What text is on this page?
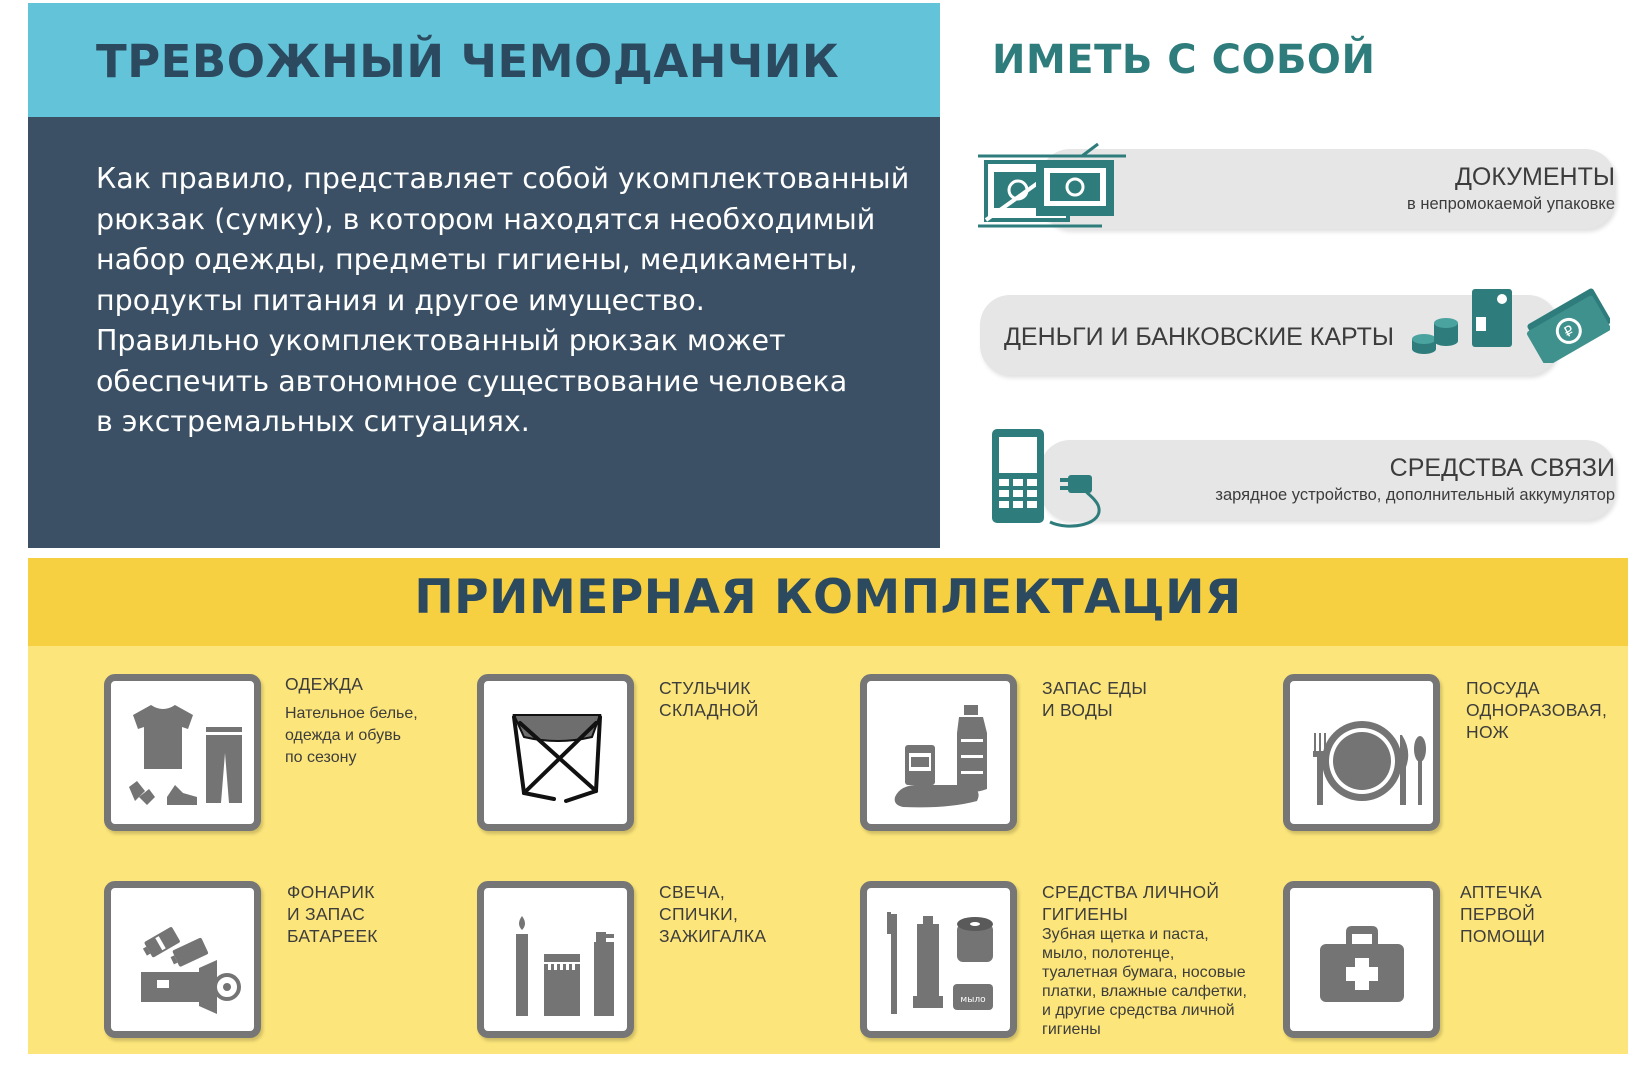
ТРЕВОЖНЫЙ ЧЕМОДАНЧИК

Как правило, представляет собой укомплектованный
рюкзак (сумку), в котором находятся необходимый
набор одежды, предметы гигиены, медикаменты,
продукты питания и другое имущество.
Правильно укомплектованный рюкзак может
обеспечить автономное существование человека
в экстремальных ситуациях.

ИМЕТЬ С СОБОЙ
ДОКУМЕНТЫ
в непромокаемой упаковке
ДЕНЬГИ И БАНКОВСКИЕ КАРТЫ	₽
СРЕДСТВА СВЯЗИ
зарядное устройство, дополнительный аккумулятор
ПРИМЕРНАЯ КОМПЛЕКТАЦИЯ
ОДЕЖДА
Нательное белье,
одежда и обувь
по сезону
СТУЛЬЧИК
СКЛАДНОЙ
ЗАПАС ЕДЫ
И ВОДЫ
ПОСУДА
ОДНОРАЗОВАЯ,
НОЖ
ФОНАРИК
И ЗАПАС
БАТАРЕЕК
СВЕЧА,
СПИЧКИ,
ЗАЖИГАЛКА
мыло
СРЕДСТВА ЛИЧНОЙ
ГИГИЕНЫ
Зубная щетка и паста,
мыло, полотенце,
туалетная бумага, носовые
платки, влажные салфетки,
и другие средства личной
гигиены
АПТЕЧКА
ПЕРВОЙ
ПОМОЩИ
